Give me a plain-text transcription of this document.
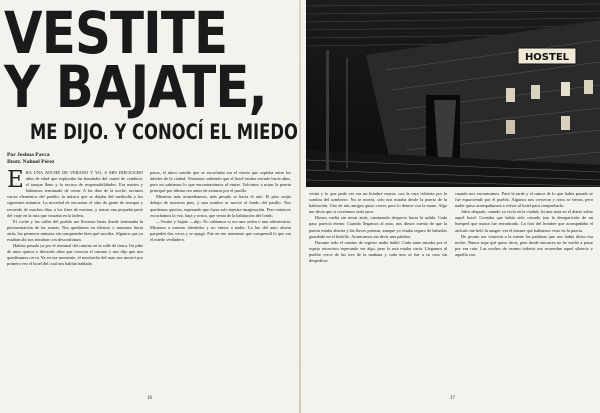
VESTITE
Y BAJATE,
ME DIJO. Y CONOCÍ EL MIEDO
Por Joshua Pavca
Ilustr. Nahuel Pérez

ERA UNA NOCHE DE VERANO Y YO, A MIS DIECIOCHO años de edad que exploraba las bondades del carnet de conducir, el tanque lleno y la excusa de responsabilidades. Era martes y habíamos terminado de cenar. A las diez de la noche, tuvimos varios elementos del pueblo: la música que se dejaba del mediodía y los siguientes minutos. La novedad de encontrar el sitio de gente de siempre y recuerdo de muchos días, a los fines de mostrar, y tomar una pequeña parte del viaje en la ruta que cruzaba en la ladera.

El coche y las calles del pueblo me llevaron hasta donde terminaba la pavimentación de las arenas. Nos quedamos en silencio y miramos hacia atrás, los primeros minutos sin comprender bien qué sucedía. Algunos que ya estaban ahí nos miraban con desconfianza.

Habían pasado ya por el terminal del camino en la calle de tierra. Un pibe de unos quince o dieciséis años que conocía el camino y nos dijo que nos quedáramos cerca. Ya en ese momento, el muchacho del auto nos mostró por primera vez el hotel del cual nos habían hablado.

pasos, el único sonido que se escuchaba era el viento que soplaba entre los árboles de la ciudad. Veníamos sabiendo que el hotel estaba cerrado hacía años, pero no sabíamos lo que encontraríamos al entrar. Volvimos a mirar la puerta principal por última vez antes de avanzar por el pasillo.

Mientras más avanzábamos, más pesado se hacía el aire. El piso crujía debajo de nuestros pies, y una sombra se movió al fondo del pasillo. Nos quedamos quietos, esperando que fuera solo nuestra imaginación. Pero entonces escuchamos la voz, baja y ronca, que venía de la habitación del fondo.

—Vestite y bajate —dijo. No sabíamos si era una orden o una advertencia. Miramos a nuestro alrededor y no vimos a nadie. La luz del auto afuera parpadeó dos veces y se apagó. Fue en ese momento que comprendí lo que era el miedo verdadero.

16
HOSTEL

vestía y lo que pude ver era un hombre mayor, con la cara cubierta por la sombra del sombrero. No se movía, solo nos miraba desde la puerta de la habitación. Uno de mis amigos quiso correr, pero lo detuve con la mano. Algo me decía que si corríamos sería peor.

Dimos vuelta sin mirar atrás, caminando despacio hacia la salida. Cada paso parecía eterno. Cuando llegamos al auto, nos dimos cuenta de que la puerta estaba abierta y las llaves puestas, aunque yo estaba seguro de haberlas guardado en el bolsillo. Arrancamos sin decir una palabra.

Durante todo el camino de regreso nadie habló. Cada tanto miraba por el espejo retrovisor esperando ver algo, pero la ruta estaba vacía. Llegamos al pueblo cerca de las tres de la mañana y cada uno se fue a su casa sin despedirse.

cuando nos encontramos. Pasó la tarde y el rumor de lo que había pasado se fue esparciendo por el pueblo. Algunos nos creyeron y otros se rieron, pero nadie quiso acompañarnos a volver al hotel para comprobarlo.

Años después, cuando ya vivía en la ciudad, leí una nota en el diario sobre aquel hotel. Contaba que había sido cerrado tras la desaparición de un huésped que nunca fue encontrado. La foto del hombre que acompañaba el artículo me heló la sangre: era el mismo que habíamos visto en la puerta.

De pronto me vinieron a la mente las palabras que nos había dicho esa noche. Nunca supe qué quiso decir, pero desde entonces no he vuelto a pasar por esa ruta. Las noches de verano todavía me recuerdan aquel silencio y aquella voz.

17
